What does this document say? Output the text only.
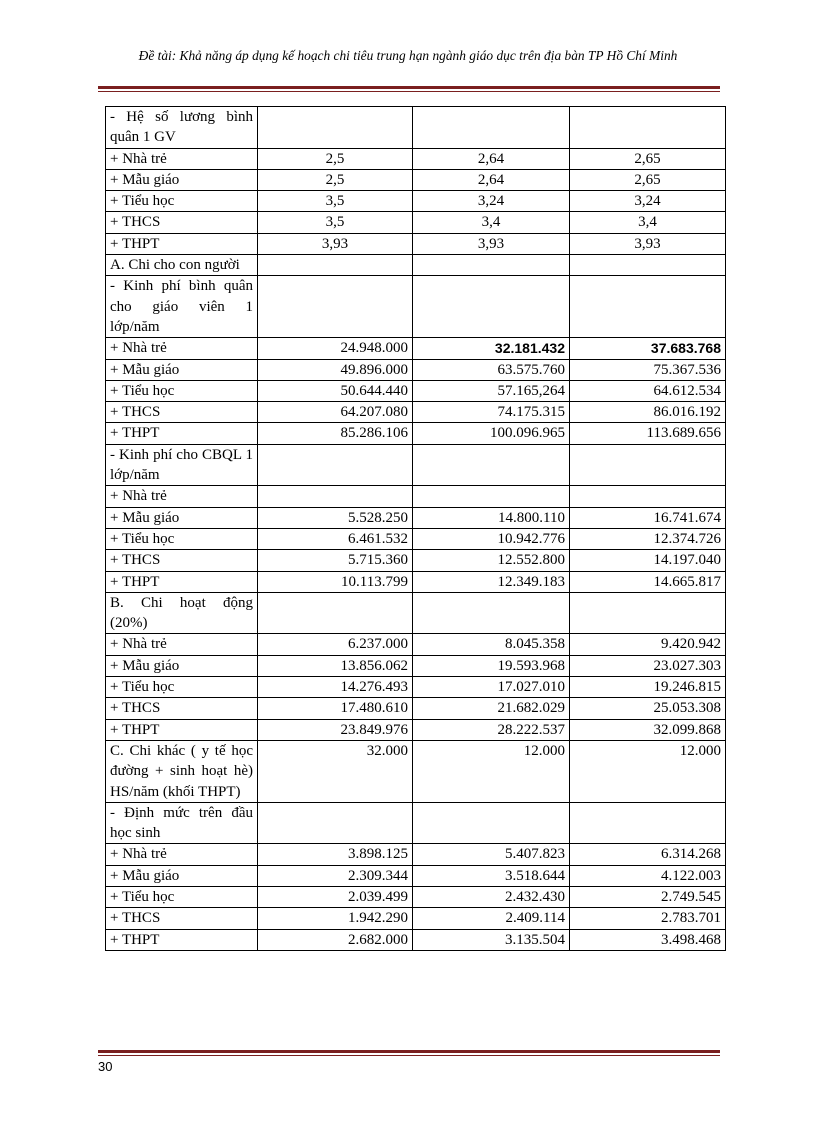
Đề tài: Khả năng áp dụng kế hoạch chi tiêu trung hạn ngành giáo dục trên địa bàn TP Hồ Chí Minh
- Hệ số lương bình quân 1 GV			
+ Nhà trẻ	2,5	2,64	2,65
+ Mẫu giáo	2,5	2,64	2,65
+ Tiểu học	3,5	3,24	3,24
+ THCS	3,5	3,4	3,4
+ THPT	3,93	3,93	3,93
A. Chi cho con người			
- Kinh phí bình quân cho giáo viên 1 lớp/năm			
+ Nhà trẻ	24.948.000	32.181.432	37.683.768
+ Mẫu giáo	49.896.000	63.575.760	75.367.536
+ Tiểu học	50.644.440	57.165,264	64.612.534
+ THCS	64.207.080	74.175.315	86.016.192
+ THPT	85.286.106	100.096.965	113.689.656
- Kinh phí cho CBQL 1 lớp/năm			
+ Nhà trẻ			
+ Mẫu giáo	5.528.250	14.800.110	16.741.674
+ Tiểu học	6.461.532	10.942.776	12.374.726
+ THCS	5.715.360	12.552.800	14.197.040
+ THPT	10.113.799	12.349.183	14.665.817
B. Chi hoạt động (20%)			
+ Nhà trẻ	6.237.000	8.045.358	9.420.942
+ Mẫu giáo	13.856.062	19.593.968	23.027.303
+ Tiểu học	14.276.493	17.027.010	19.246.815
+ THCS	17.480.610	21.682.029	25.053.308
+ THPT	23.849.976	28.222.537	32.099.868
C. Chi khác ( y tế học đường + sinh hoạt hè) HS/năm (khối THPT)	32.000	12.000	12.000
- Định mức trên đầu học sinh			
+ Nhà trẻ	3.898.125	5.407.823	6.314.268
+ Mẫu giáo	2.309.344	3.518.644	4.122.003
+ Tiểu học	2.039.499	2.432.430	2.749.545
+ THCS	1.942.290	2.409.114	2.783.701
+ THPT	2.682.000	3.135.504	3.498.468
30
